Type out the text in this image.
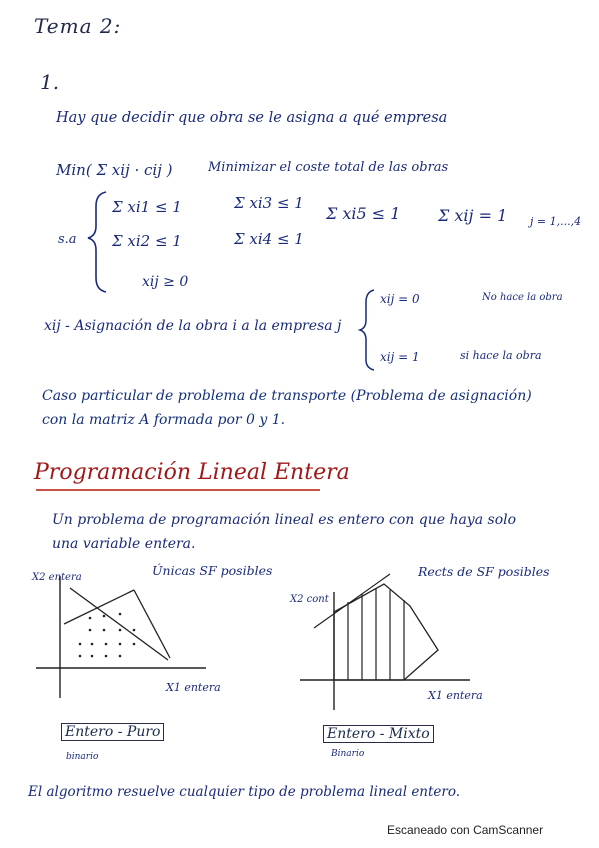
Tema 2:
1.
Hay que decidir que obra se le asigna a qué empresa
Min( Σ xij · cij )	Minimizar el coste total de las obras
s.a
Σ xi1 ≤ 1
Σ xi2 ≤ 1
Σ xi3 ≤ 1
Σ xi4 ≤ 1
Σ xi5 ≤ 1 Σ xij = 1 j = 1,...,4
xij ≥ 0
xij - Asignación de la obra i a la empresa j
xij = 0	No hace la obra
xij = 1	si hace la obra
Caso particular de problema de transporte (Problema de asignación)
con la matriz A formada por 0 y 1.
Programación Lineal Entera
Un problema de programación lineal es entero con que haya solo
una variable entera.
Únicas SF posibles	Rects de SF posibles
X2 entera
X1 entera
X2 cont
X1 entera
Entero - Puro	Entero - Mixto
binario	Binario
El algoritmo resuelve cualquier tipo de problema lineal entero.
Escaneado con CamScanner
